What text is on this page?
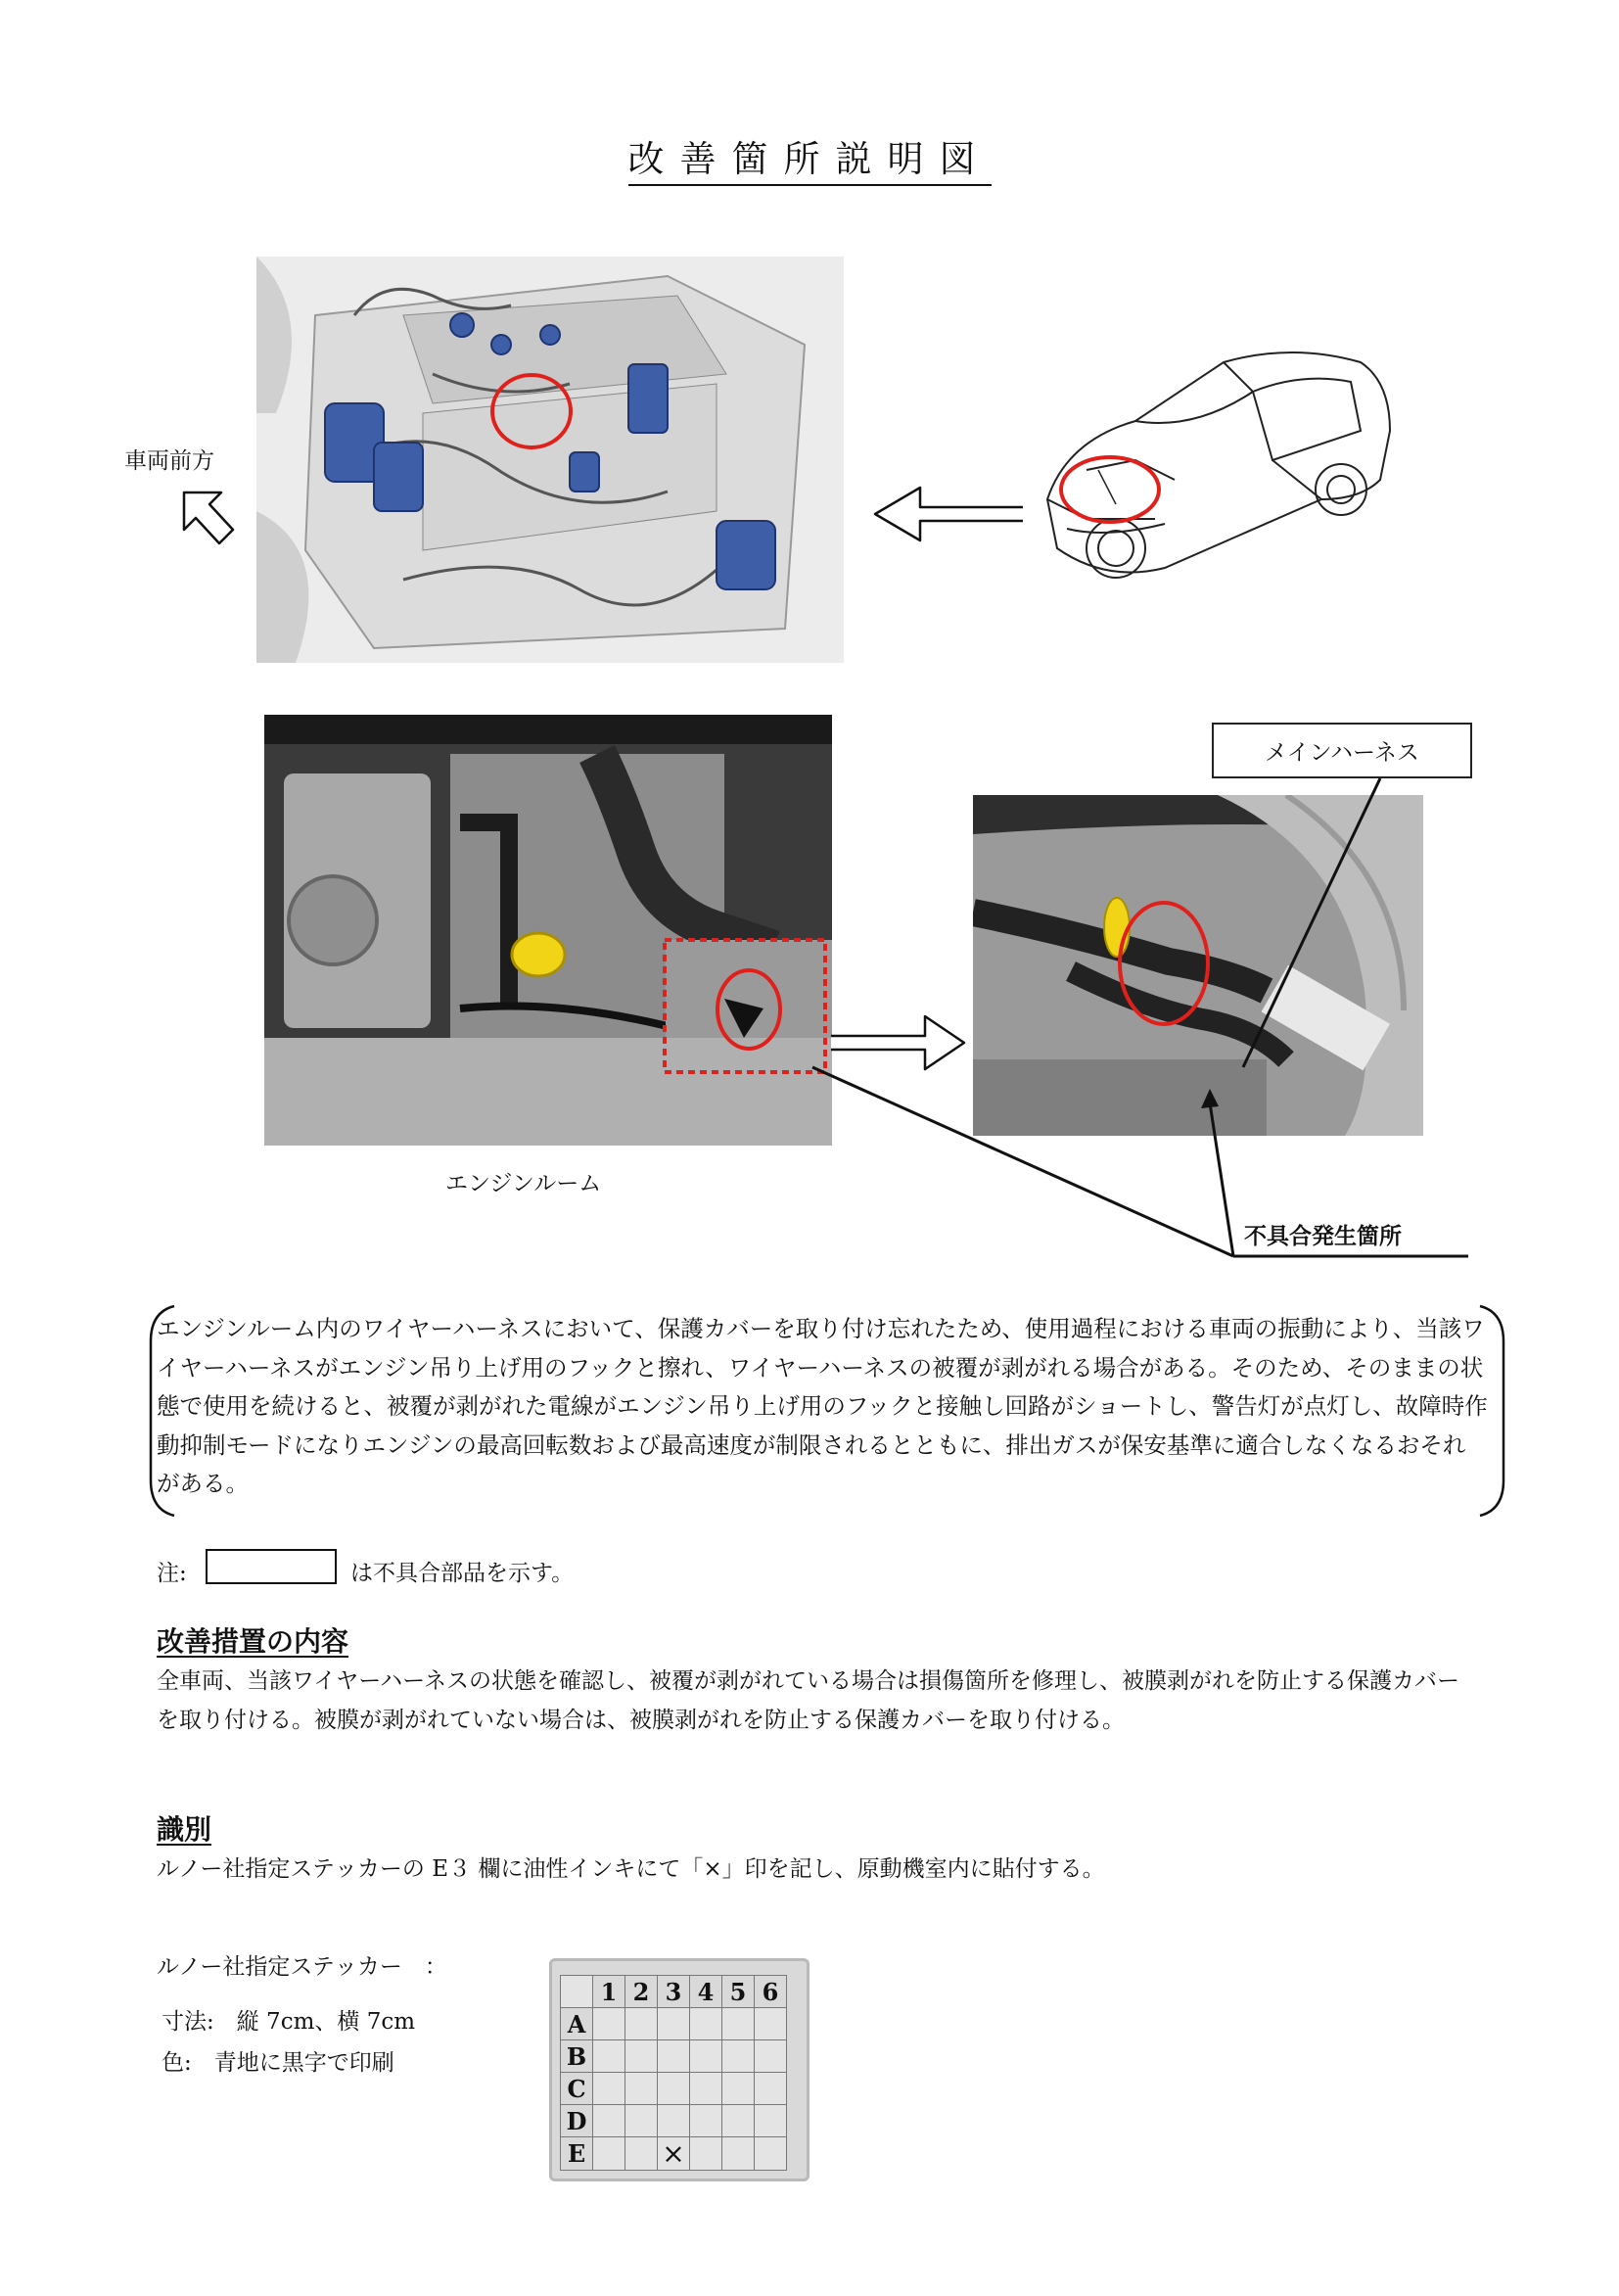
改善箇所説明図
車両前方
エンジンルーム
メインハーネス
不具合発生箇所
エンジンルーム内のワイヤーハーネスにおいて、保護カバーを取り付け忘れたため、使用過程における車両の振動により、当該ワイヤーハーネスがエンジン吊り上げ用のフックと擦れ、ワイヤーハーネスの被覆が剥がれる場合がある。そのため、そのままの状態で使用を続けると、被覆が剥がれた電線がエンジン吊り上げ用のフックと接触し回路がショートし、警告灯が点灯し、故障時作動抑制モードになりエンジンの最高回転数および最高速度が制限されるとともに、排出ガスが保安基準に適合しなくなるおそれがある。
注:	は不具合部品を示す。
改善措置の内容
全車両、当該ワイヤーハーネスの状態を確認し、被覆が剥がれている場合は損傷箇所を修理し、被膜剥がれを防止する保護カバーを取り付ける。被膜が剥がれていない場合は、被膜剥がれを防止する保護カバーを取り付ける。
識別
ルノー社指定ステッカーの E３ 欄に油性インキにて「×」印を記し、原動機室内に貼付する。
ルノー社指定ステッカー　：
寸法:　縦 7cm、横 7cm
色:　青地に黒字で印刷
	1	2	3	4	5	6
A						
B						
C						
D						
E			×			
